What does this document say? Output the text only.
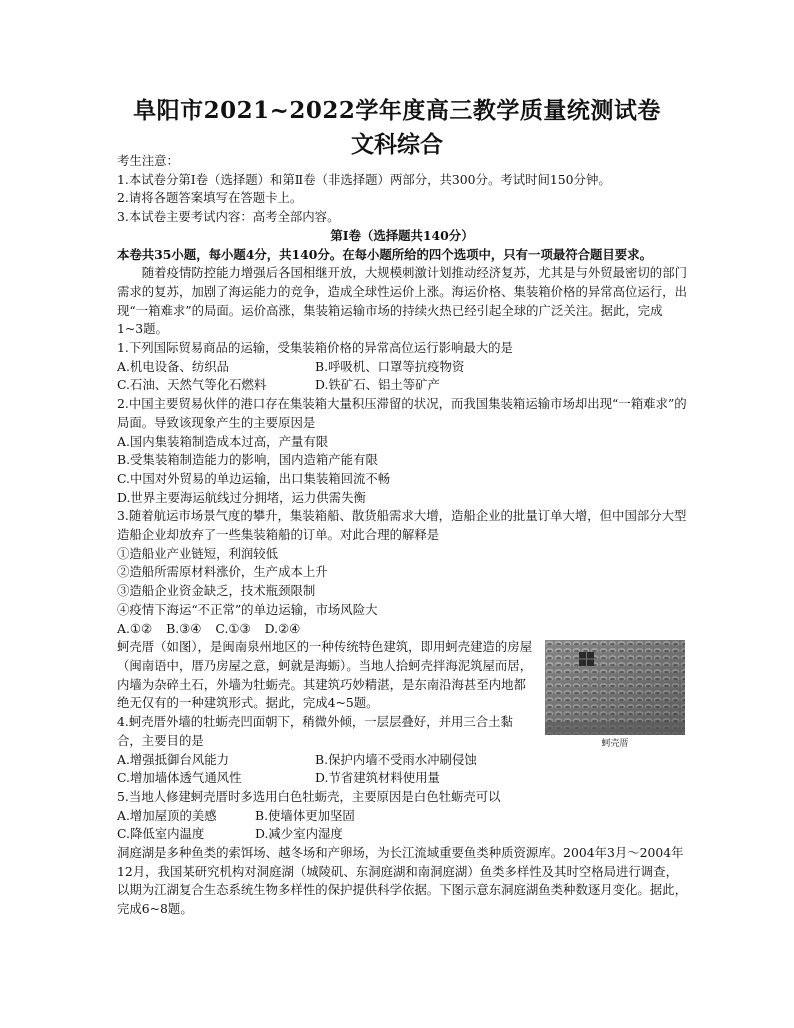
阜阳市2021~2022学年度高三教学质量统测试卷
文科综合

考生注意：

1.本试卷分第Ⅰ卷（选择题）和第Ⅱ卷（非选择题）两部分，共300分。考试时间150分钟。

2.请将各题答案填写在答题卡上。

3.本试卷主要考试内容：高考全部内容。

第Ⅰ卷（选择题共140分）

本卷共35小题，每小题4分，共140分。在每小题所给的四个选项中，只有一项最符合题目要求。

随着疫情防控能力增强后各国相继开放，大规模刺激计划推动经济复苏，尤其是与外贸最密切的部门需求的复苏，加剧了海运能力的竞争，造成全球性运价上涨。海运价格、集装箱价格的异常高位运行，出现“一箱难求”的局面。运价高涨，集装箱运输市场的持续火热已经引起全球的广泛关注。据此，完成1~3题。

1.下列国际贸易商品的运输，受集装箱价格的异常高位运行影响最大的是

A.机电设备、纺织品	B.呼吸机、口罩等抗疫物资
C.石油、天然气等化石燃料	D.铁矿石、铝土等矿产

2.中国主要贸易伙伴的港口存在集装箱大量积压滞留的状况，而我国集装箱运输市场却出现“一箱难求”的局面。导致该现象产生的主要原因是

A.国内集装箱制造成本过高，产量有限

B.受集装箱制造能力的影响，国内造箱产能有限

C.中国对外贸易的单边运输，出口集装箱回流不畅

D.世界主要海运航线过分拥堵，运力供需失衡

3.随着航运市场景气度的攀升，集装箱船、散货船需求大增，造船企业的批量订单大增，但中国部分大型造船企业却放弃了一些集装箱船的订单。对此合理的解释是

①造船业产业链短，利润较低

②造船所需原材料涨价，生产成本上升

③造船企业资金缺乏，技术瓶颈限制

④疫情下海运“不正常”的单边运输，市场风险大

A.①② B.③④ C.①③ D.②④
蚵壳厝

蚵壳厝（如图），是闽南泉州地区的一种传统特色建筑，即用蚵壳建造的房屋（闽南语中，厝乃房屋之意，蚵就是海蛎）。当地人拾蚵壳拌海泥筑屋而居，内墙为杂碎土石，外墙为牡蛎壳。其建筑巧妙精湛，是东南沿海甚至内地都绝无仅有的一种建筑形式。据此，完成4~5题。

4.蚵壳厝外墙的牡蛎壳凹面朝下，稍微外倾，一层层叠好，并用三合土黏合，主要目的是

A.增强抵御台风能力	B.保护内墙不受雨水冲刷侵蚀
C.增加墙体透气通风性	D.节省建筑材料使用量

5.当地人修建蚵壳厝时多选用白色牡蛎壳，主要原因是白色牡蛎壳可以

A.增加屋顶的美感	B.使墙体更加坚固
C.降低室内温度	D.减少室内湿度

洞庭湖是多种鱼类的索饵场、越冬场和产卵场，为长江流域重要鱼类种质资源库。2004年3月～2004年12月，我国某研究机构对洞庭湖（城陵矶、东洞庭湖和南洞庭湖）鱼类多样性及其时空格局进行调查，以期为江湖复合生态系统生物多样性的保护提供科学依据。下图示意东洞庭湖鱼类种数逐月变化。据此，完成6~8题。
